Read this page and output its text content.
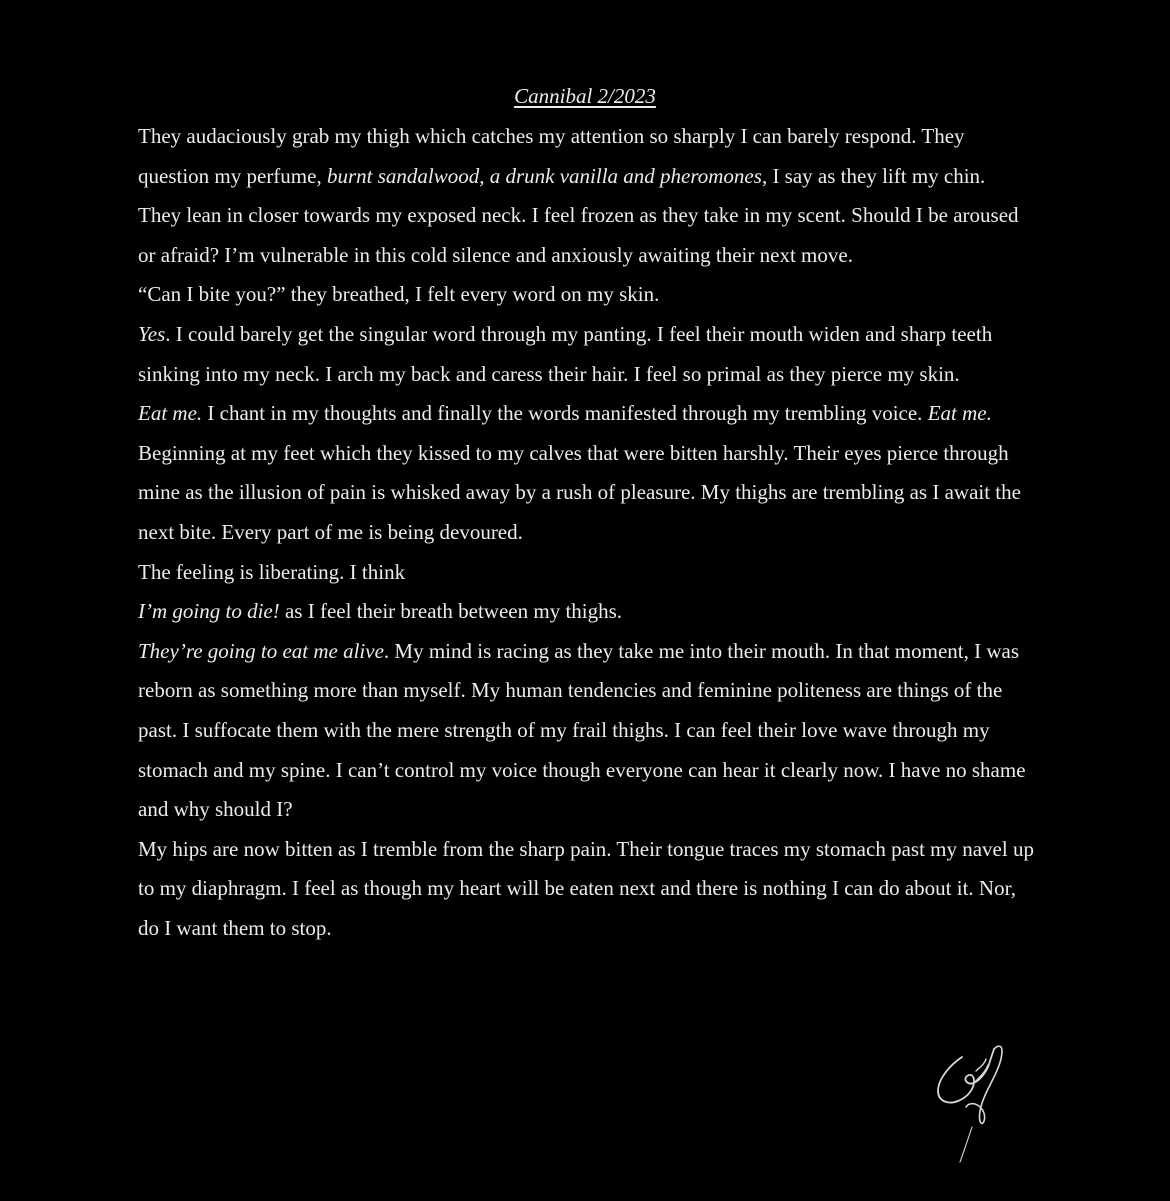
Cannibal 2/2023

They audaciously grab my thigh which catches my attention so sharply I can barely respond. They question my perfume, burnt sandalwood, a drunk vanilla and pheromones, I say as they lift my chin.

They lean in closer towards my exposed neck. I feel frozen as they take in my scent. Should I be aroused or afraid? I’m vulnerable in this cold silence and anxiously awaiting their next move.

“Can I bite you?” they breathed, I felt every word on my skin.

Yes. I could barely get the singular word through my panting. I feel their mouth widen and sharp teeth sinking into my neck. I arch my back and caress their hair. I feel so primal as they pierce my skin.

Eat me. I chant in my thoughts and finally the words manifested through my trembling voice. Eat me. Beginning at my feet which they kissed to my calves that were bitten harshly. Their eyes pierce through mine as the illusion of pain is whisked away by a rush of pleasure. My thighs are trembling as I await the next bite. Every part of me is being devoured.

The feeling is liberating. I think

I’m going to die! as I feel their breath between my thighs.

They’re going to eat me alive. My mind is racing as they take me into their mouth. In that moment, I was reborn as something more than myself. My human tendencies and feminine politeness are things of the past. I suffocate them with the mere strength of my frail thighs. I can feel their love wave through my stomach and my spine. I can’t control my voice though everyone can hear it clearly now. I have no shame and why should I?

My hips are now bitten as I tremble from the sharp pain. Their tongue traces my stomach past my navel up to my diaphragm. I feel as though my heart will be eaten next and there is nothing I can do about it. Nor, do I want them to stop.
